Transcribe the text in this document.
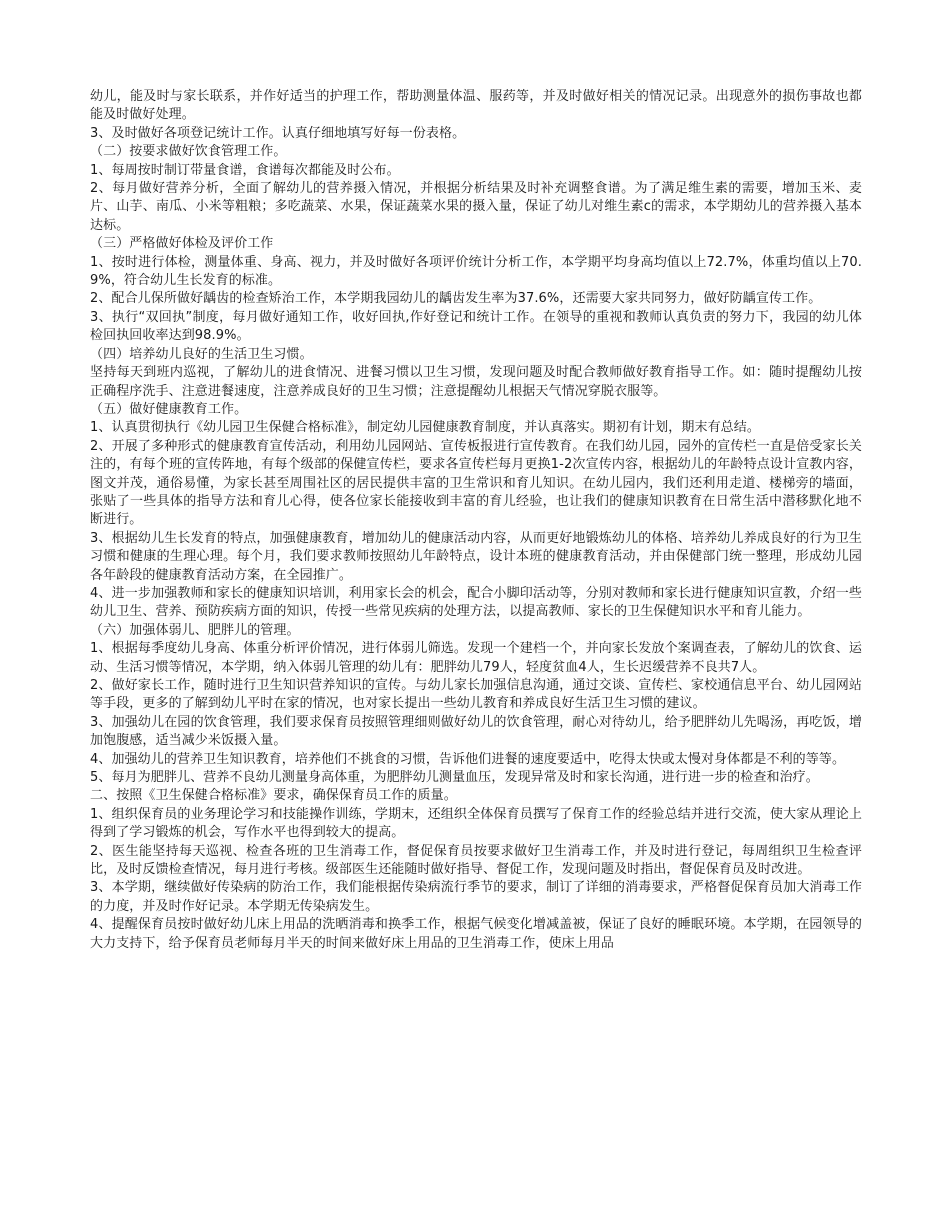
幼儿，能及时与家长联系，并作好适当的护理工作，帮助测量体温、服药等，并及时做好相关的情况记录。出现意外的损伤事故也都能及时做好处理。

3、及时做好各项登记统计工作。认真仔细地填写好每一份表格。

（二）按要求做好饮食管理工作。

1、每周按时制订带量食谱，食谱每次都能及时公布。

2、每月做好营养分析，全面了解幼儿的营养摄入情况，并根据分析结果及时补充调整食谱。为了满足维生素的需要，增加玉米、麦片、山芋、南瓜、小米等粗粮；多吃蔬菜、水果，保证蔬菜水果的摄入量，保证了幼儿对维生素c的需求，本学期幼儿的营养摄入基本达标。

（三）严格做好体检及评价工作

1、按时进行体检，测量体重、身高、视力，并及时做好各项评价统计分析工作，本学期平均身高均值以上72.7%，体重均值以上70.9%，符合幼儿生长发育的标准。

2、配合儿保所做好龋齿的检查矫治工作，本学期我园幼儿的龋齿发生率为37.6%，还需要大家共同努力，做好防龋宣传工作。

3、执行“双回执”制度，每月做好通知工作，收好回执,作好登记和统计工作。在领导的重视和教师认真负责的努力下，我园的幼儿体检回执回收率达到98.9%。

（四）培养幼儿良好的生活卫生习惯。

坚持每天到班内巡视，了解幼儿的进食情况、进餐习惯以卫生习惯，发现问题及时配合教师做好教育指导工作。如：随时提醒幼儿按正确程序洗手、注意进餐速度，注意养成良好的卫生习惯；注意提醒幼儿根据天气情况穿脱衣服等。

（五）做好健康教育工作。

1、认真贯彻执行《幼儿园卫生保健合格标准》，制定幼儿园健康教育制度，并认真落实。期初有计划，期末有总结。

2、开展了多种形式的健康教育宣传活动，利用幼儿园网站、宣传板报进行宣传教育。在我们幼儿园，园外的宣传栏一直是倍受家长关注的，有每个班的宣传阵地，有每个级部的保健宣传栏，要求各宣传栏每月更换1-2次宣传内容，根据幼儿的年龄特点设计宣教内容，图文并茂，通俗易懂，为家长甚至周围社区的居民提供丰富的卫生常识和育儿知识。在幼儿园内，我们还利用走道、楼梯旁的墙面，张贴了一些具体的指导方法和育儿心得，使各位家长能接收到丰富的育儿经验，也让我们的健康知识教育在日常生活中潜移默化地不断进行。

3、根据幼儿生长发育的特点，加强健康教育，增加幼儿的健康活动内容，从而更好地锻炼幼儿的体格、培养幼儿养成良好的行为卫生习惯和健康的生理心理。每个月，我们要求教师按照幼儿年龄特点，设计本班的健康教育活动，并由保健部门统一整理，形成幼儿园各年龄段的健康教育活动方案，在全园推广。

4、进一步加强教师和家长的健康知识培训，利用家长会的机会，配合小脚印活动等，分别对教师和家长进行健康知识宣教，介绍一些幼儿卫生、营养、预防疾病方面的知识，传授一些常见疾病的处理方法，以提高教师、家长的卫生保健知识水平和育儿能力。

（六）加强体弱儿、肥胖儿的管理。

1、根据每季度幼儿身高、体重分析评价情况，进行体弱儿筛选。发现一个建档一个，并向家长发放个案调查表，了解幼儿的饮食、运动、生活习惯等情况，本学期，纳入体弱儿管理的幼儿有：肥胖幼儿79人，轻度贫血4人，生长迟缓营养不良共7人。

2、做好家长工作，随时进行卫生知识营养知识的宣传。与幼儿家长加强信息沟通，通过交谈、宣传栏、家校通信息平台、幼儿园网站等手段，更多的了解到幼儿平时在家的情况，也对家长提出一些幼儿教育和养成良好生活卫生习惯的建议。

3、加强幼儿在园的饮食管理，我们要求保育员按照管理细则做好幼儿的饮食管理，耐心对待幼儿，给予肥胖幼儿先喝汤，再吃饭，增加饱腹感，适当减少米饭摄入量。

4、加强幼儿的营养卫生知识教育，培养他们不挑食的习惯，告诉他们进餐的速度要适中，吃得太快或太慢对身体都是不利的等等。

5、每月为肥胖儿、营养不良幼儿测量身高体重，为肥胖幼儿测量血压，发现异常及时和家长沟通，进行进一步的检查和治疗。

二、按照《卫生保健合格标准》要求，确保保育员工作的质量。

1、组织保育员的业务理论学习和技能操作训练，学期末，还组织全体保育员撰写了保育工作的经验总结并进行交流，使大家从理论上得到了学习锻炼的机会，写作水平也得到较大的提高。

2、医生能坚持每天巡视、检查各班的卫生消毒工作，督促保育员按要求做好卫生消毒工作，并及时进行登记，每周组织卫生检查评比，及时反馈检查情况，每月进行考核。级部医生还能随时做好指导、督促工作，发现问题及时指出，督促保育员及时改进。

3、本学期，继续做好传染病的防治工作，我们能根据传染病流行季节的要求，制订了详细的消毒要求，严格督促保育员加大消毒工作的力度，并及时作好记录。本学期无传染病发生。

4、提醒保育员按时做好幼儿床上用品的洗晒消毒和换季工作，根据气候变化增减盖被，保证了良好的睡眠环境。本学期，在园领导的大力支持下，给予保育员老师每月半天的时间来做好床上用品的卫生消毒工作，使床上用品
